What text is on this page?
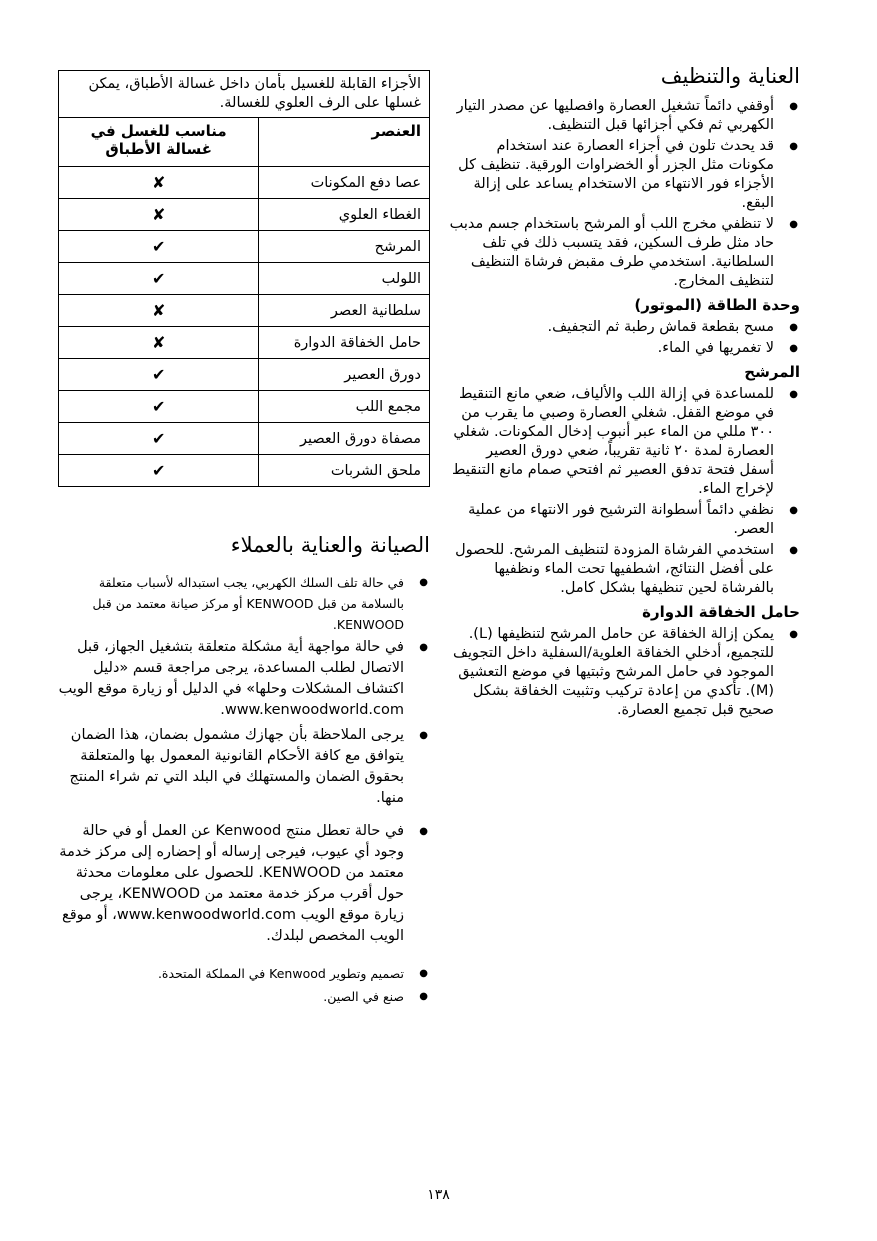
العناية والتنظيف
● أوقفي دائماً تشغيل العصارة وافصليها عن مصدر التيار الكهربي ثم فكي أجزائها قبل التنظيف.
● قد يحدث تلون في أجزاء العصارة عند استخدام مكونات مثل الجزر أو الخضراوات الورقية. تنظيف كل الأجزاء فور الانتهاء من الاستخدام يساعد على إزالة البقع.
● لا تنظفي مخرج اللب أو المرشح باستخدام جسم مدبب حاد مثل طرف السكين، فقد يتسبب ذلك في تلف السلطانية. استخدمي طرف مقبض فرشاة التنظيف لتنظيف المخارج.
وحدة الطاقة (الموتور)
● مسح بقطعة قماش رطبة ثم التجفيف.
● لا تغمريها في الماء.
المرشح
● للمساعدة في إزالة اللب والألياف، ضعي مانع التنقيط في موضع القفل. شغلي العصارة وصبي ما يقرب من ٣٠٠ مللي من الماء عبر أنبوب إدخال المكونات. شغلي العصارة لمدة ٢٠ ثانية تقريباً، ضعي دورق العصير أسفل فتحة تدفق العصير ثم افتحي صمام مانع التنقيط لإخراج الماء.
● نظفي دائماً أسطوانة الترشيح فور الانتهاء من عملية العصر.
● استخدمي الفرشاة المزودة لتنظيف المرشح. للحصول على أفضل النتائج، اشطفيها تحت الماء ونظفيها بالفرشاة لحين تنظيفها بشكل كامل.
حامل الخفاقة الدوارة
● يمكن إزالة الخفاقة عن حامل المرشح لتنظيفها (L). للتجميع، أدخلي الخفاقة العلوية/السفلية داخل التجويف الموجود في حامل المرشح وثبتيها في موضع التعشيق (M). تأكدي من إعادة تركيب وتثبيت الخفاقة بشكل صحيح قبل تجميع العصارة.
الأجزاء القابلة للغسيل بأمان داخل غسالة الأطباق، يمكن غسلها على الرف العلوي للغسالة.	
العنصر	مناسب للغسل في غسالة الأطباق
عصا دفع المكونات	✘
الغطاء العلوي	✘
المرشح	✔
اللولب	✔
سلطانية العصر	✘
حامل الخفاقة الدوارة	✘
دورق العصير	✔
مجمع اللب	✔
مصفاة دورق العصير	✔
ملحق الشربات	✔
الصيانة والعناية بالعملاء
● في حالة تلف السلك الكهربي، يجب استبداله لأسباب متعلقة بالسلامة من قبل KENWOOD أو مركز صيانة معتمد من قبل KENWOOD.
● في حالة مواجهة أية مشكلة متعلقة بتشغيل الجهاز، قبل الاتصال لطلب المساعدة، يرجى مراجعة قسم «دليل اكتشاف المشكلات وحلها» في الدليل أو زيارة موقع الويب www.kenwoodworld.com.
● يرجى الملاحظة بأن جهازك مشمول بضمان، هذا الضمان يتوافق مع كافة الأحكام القانونية المعمول بها والمتعلقة بحقوق الضمان والمستهلك في البلد التي تم شراء المنتج منها.
● في حالة تعطل منتج Kenwood عن العمل أو في حالة وجود أي عيوب، فيرجى إرساله أو إحضاره إلى مركز خدمة معتمد من KENWOOD. للحصول على معلومات محدثة حول أقرب مركز خدمة معتمد من KENWOOD، يرجى زيارة موقع الويب www.kenwoodworld.com، أو موقع الويب المخصص لبلدك.
● تصميم وتطوير Kenwood في المملكة المتحدة.
● صنع في الصين.
١٣٨
